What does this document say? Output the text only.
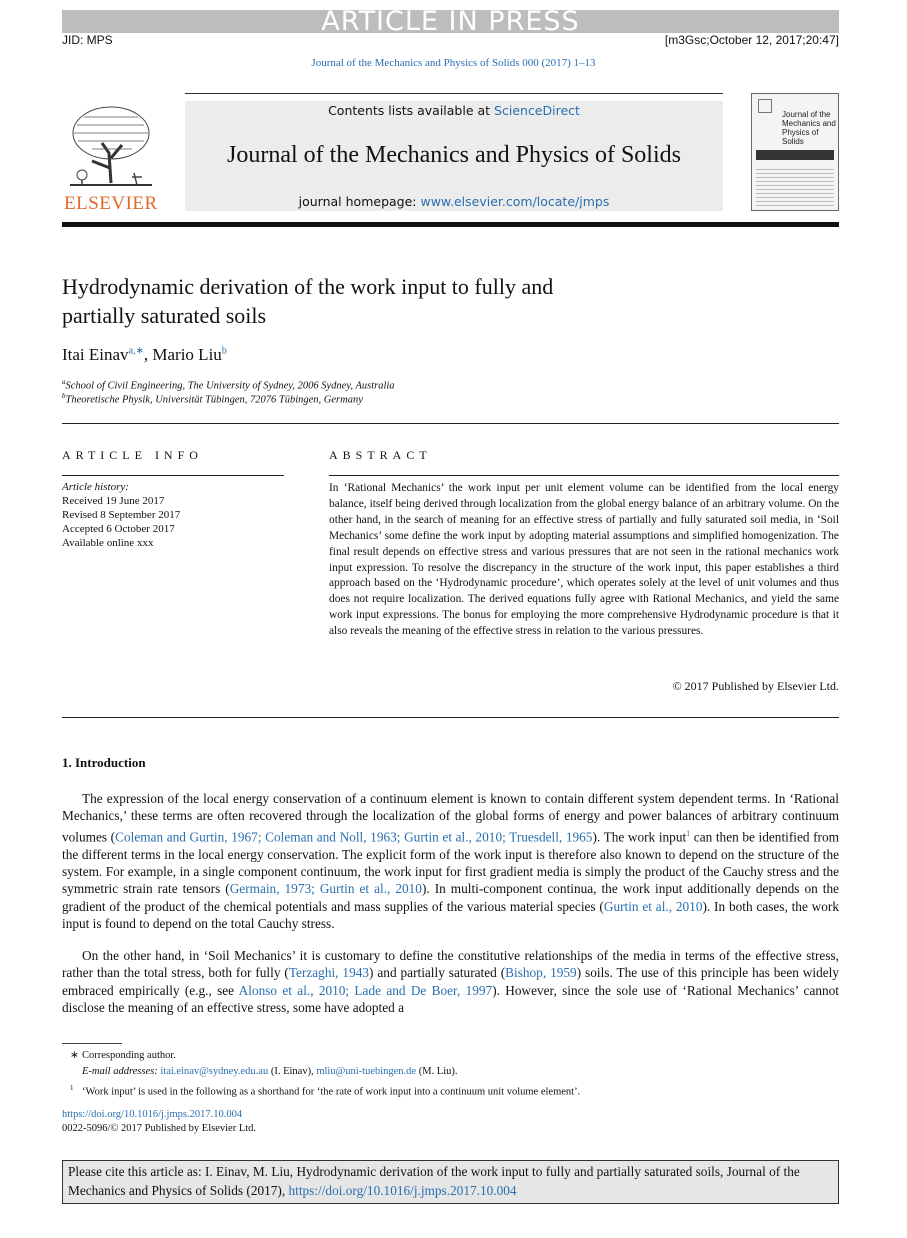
ARTICLE IN PRESS
JID: MPS	[m3Gsc;October 12, 2017;20:47]
Journal of the Mechanics and Physics of Solids 000 (2017) 1–13
ELSEVIER
Contents lists available at ScienceDirect
Journal of the Mechanics and Physics of Solids
journal homepage: www.elsevier.com/locate/jmps
Journal of the Mechanics and Physics of Solids
Hydrodynamic derivation of the work input to fully and
partially saturated soils
Itai Einav$^{a,∗}$, Mario Liu$^b$
$^a$School of Civil Engineering, The University of Sydney, 2006 Sydney, Australia
$^b$Theoretische Physik, Universität Tübingen, 72076 Tübingen, Germany
ARTICLE INFO
Article history:
Received 19 June 2017
Revised 8 September 2017
Accepted 6 October 2017
Available online xxx
ABSTRACT
In ‘Rational Mechanics’ the work input per unit element volume can be identified from the local energy balance, itself being derived through localization from the global energy balance of an arbitrary volume. On the other hand, in the search of meaning for an effective stress of partially and fully saturated soil media, in ‘Soil Mechanics’ some define the work input by adopting material assumptions and simplified homogenization. The final result depends on effective stress and various pressures that are not seen in the rational mechanics work input expression. To resolve the discrepancy in the structure of the work input, this paper establishes a third approach based on the ‘Hydrodynamic procedure’, which operates solely at the level of unit volumes and thus does not require localization. The derived equations fully agree with Rational Mechanics, and yield the same work input expressions. The bonus for employing the more comprehensive Hydrodynamic procedure is that it also reveals the meaning of the effective stress in relation to the various pressures.
© 2017 Published by Elsevier Ltd.
1. Introduction
The expression of the local energy conservation of a continuum element is known to contain different system dependent terms. In ‘Rational Mechanics,’ these terms are often recovered through the localization of the global forms of energy and power balances of arbitrary continuum volumes (Coleman and Gurtin, 1967; Coleman and Noll, 1963; Gurtin et al., 2010; Truesdell, 1965). The work input$^1$ can then be identified from the different terms in the local energy conservation. The explicit form of the work input is therefore also known to depend on the structure of the system. For example, in a single component continuum, the work input for first gradient media is simply the product of the Cauchy stress and the symmetric strain rate tensors (Germain, 1973; Gurtin et al., 2010). In multi-component continua, the work input additionally depends on the gradient of the product of the chemical potentials and mass supplies of the various material species (Gurtin et al., 2010). In both cases, the work input is found to depend on the total Cauchy stress.
On the other hand, in ‘Soil Mechanics’ it is customary to define the constitutive relationships of the media in terms of the effective stress, rather than the total stress, both for fully (Terzaghi, 1943) and partially saturated (Bishop, 1959) soils. The use of this principle has been widely embraced empirically (e.g., see Alonso et al., 2010; Lade and De Boer, 1997). However, since the sole use of ‘Rational Mechanics’ cannot disclose the meaning of an effective stress, some have adopted a
∗ Corresponding author.
E-mail addresses: itai.einav@sydney.edu.au (I. Einav), mliu@uni-tuebingen.de (M. Liu).
$^1$ ‘Work input’ is used in the following as a shorthand for ‘the rate of work input into a continuum unit volume element’.
https://doi.org/10.1016/j.jmps.2017.10.004
0022-5096/© 2017 Published by Elsevier Ltd.
Please cite this article as: I. Einav, M. Liu, Hydrodynamic derivation of the work input to fully and partially saturated soils, Journal of the Mechanics and Physics of Solids (2017), https://doi.org/10.1016/j.jmps.2017.10.004
